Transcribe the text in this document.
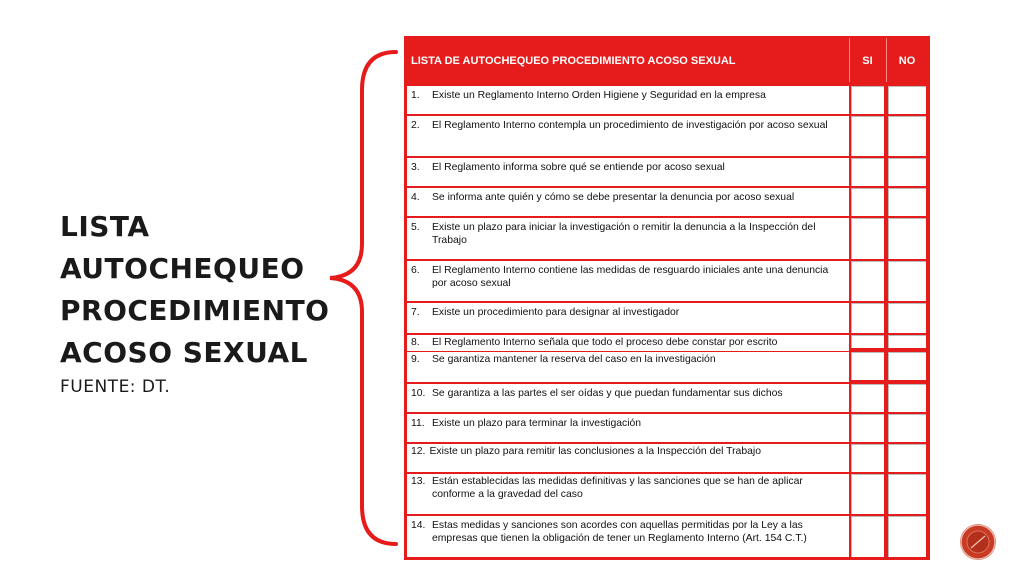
LISTA
AUTOCHEQUEO
PROCEDIMIENTO
ACOSO SEXUAL
FUENTE: DT.
LISTA DE AUTOCHEQUEO PROCEDIMIENTO ACOSO SEXUAL	SI	NO
1. Existe un Reglamento Interno Orden Higiene y Seguridad en la empresa
2. El Reglamento Interno contempla un procedimiento de investigación por acoso sexual
3. El Reglamento informa sobre qué se entiende por acoso sexual
4. Se informa ante quién y cómo se debe presentar la denuncia por acoso sexual
5. Existe un plazo para iniciar la investigación o remitir la denuncia a la Inspección del Trabajo
6. El Reglamento Interno contiene las medidas de resguardo iniciales ante una denuncia por acoso sexual
7. Existe un procedimiento para designar al investigador
8. El Reglamento Interno señala que todo el proceso debe constar por escrito
9. Se garantiza mantener la reserva del caso en la investigación
10. Se garantiza a las partes el ser oídas y que puedan fundamentar sus dichos
11. Existe un plazo para terminar la investigación
12. Existe un plazo para remitir las conclusiones a la Inspección del Trabajo
13. Están establecidas las medidas definitivas y las sanciones que se han de aplicar conforme a la gravedad del caso
14. Estas medidas y sanciones son acordes con aquellas permitidas por la Ley a las empresas que tienen la obligación de tener un Reglamento Interno (Art. 154 C.T.)
